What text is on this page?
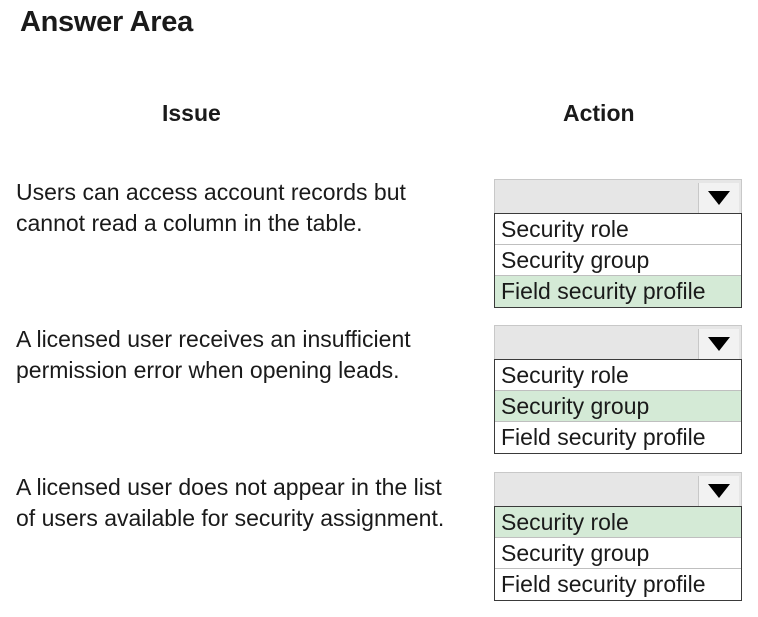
Answer Area
Issue	Action
Users can access account records but
cannot read a column in the table.	Security role
Security group
Field security profile
A licensed user receives an insufficient
permission error when opening leads.	Security role
Security group
Field security profile
A licensed user does not appear in the list
of users available for security assignment.	Security role
Security group
Field security profile
